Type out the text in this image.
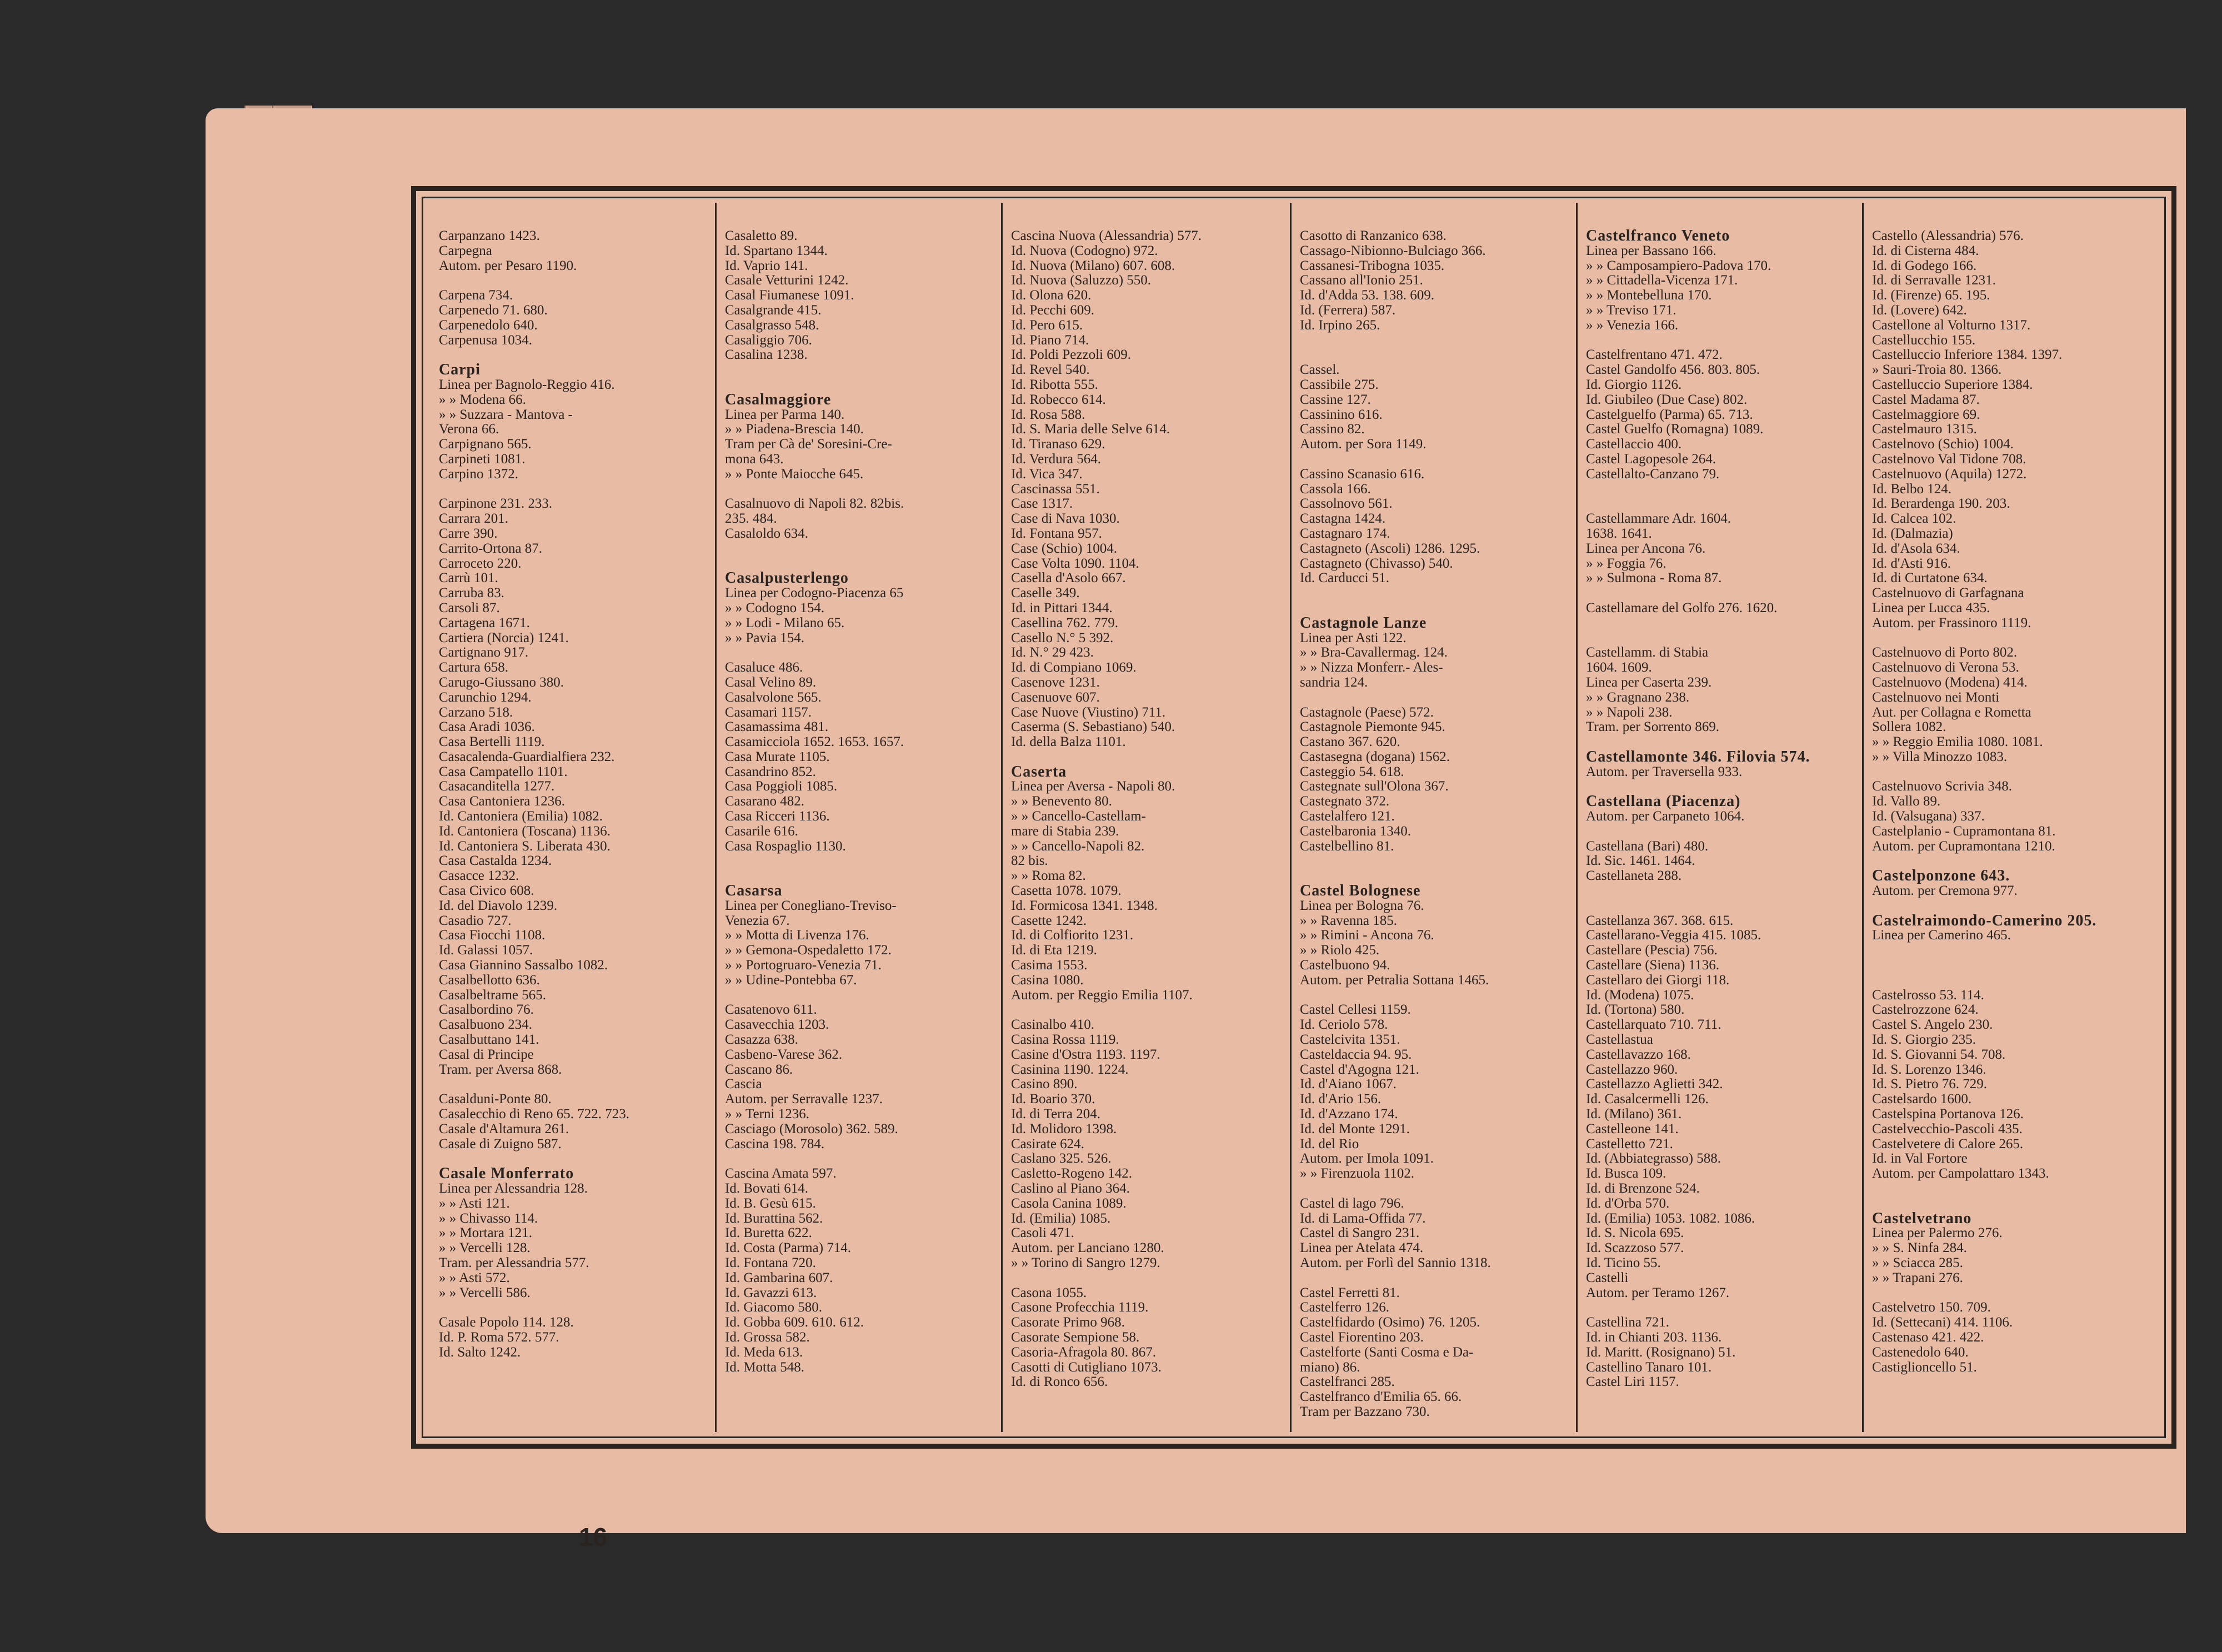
16
Carpanzano 1423.
Carpegna
Autom. per Pesaro 1190.
Carpena 734.
Carpenedo 71. 680.
Carpenedolo 640.
Carpenusa 1034.
Carpi
Linea per Bagnolo-Reggio 416.
» » Modena 66.
» » Suzzara - Mantova -
Verona 66.
Carpignano 565.
Carpineti 1081.
Carpino 1372.
Carpinone 231. 233.
Carrara 201.
Carre 390.
Carrito-Ortona 87.
Carroceto 220.
Carrù 101.
Carruba 83.
Carsoli 87.
Cartagena 1671.
Cartiera (Norcia) 1241.
Cartignano 917.
Cartura 658.
Carugo-Giussano 380.
Carunchio 1294.
Carzano 518.
Casa Aradi 1036.
Casa Bertelli 1119.
Casacalenda-Guardialfiera 232.
Casa Campatello 1101.
Casacanditella 1277.
Casa Cantoniera 1236.
Id. Cantoniera (Emilia) 1082.
Id. Cantoniera (Toscana) 1136.
Id. Cantoniera S. Liberata 430.
Casa Castalda 1234.
Casacce 1232.
Casa Civico 608.
Id. del Diavolo 1239.
Casadio 727.
Casa Fiocchi 1108.
Id. Galassi 1057.
Casa Giannino Sassalbo 1082.
Casalbellotto 636.
Casalbeltrame 565.
Casalbordino 76.
Casalbuono 234.
Casalbuttano 141.
Casal di Principe
Tram. per Aversa 868.
Casalduni-Ponte 80.
Casalecchio di Reno 65. 722. 723.
Casale d'Altamura 261.
Casale di Zuigno 587.
Casale Monferrato
Linea per Alessandria 128.
» » Asti 121.
» » Chivasso 114.
» » Mortara 121.
» » Vercelli 128.
Tram. per Alessandria 577.
» » Asti 572.
» » Vercelli 586.
Casale Popolo 114. 128.
Id. P. Roma 572. 577.
Id. Salto 1242.
Casaletto 89.
Id. Spartano 1344.
Id. Vaprio 141.
Casale Vetturini 1242.
Casal Fiumanese 1091.
Casalgrande 415.
Casalgrasso 548.
Casaliggio 706.
Casalina 1238.
Casalmaggiore
Linea per Parma 140.
» » Piadena-Brescia 140.
Tram per Cà de' Soresini-Cre-
mona 643.
» » Ponte Maiocche 645.
Casalnuovo di Napoli 82. 82bis.
235. 484.
Casaloldo 634.
Casalpusterlengo
Linea per Codogno-Piacenza 65
» » Codogno 154.
» » Lodi - Milano 65.
» » Pavia 154.
Casaluce 486.
Casal Velino 89.
Casalvolone 565.
Casamari 1157.
Casamassima 481.
Casamicciola 1652. 1653. 1657.
Casa Murate 1105.
Casandrino 852.
Casa Poggioli 1085.
Casarano 482.
Casa Ricceri 1136.
Casarile 616.
Casa Rospaglio 1130.
Casarsa
Linea per Conegliano-Treviso-
Venezia 67.
» » Motta di Livenza 176.
» » Gemona-Ospedaletto 172.
» » Portogruaro-Venezia 71.
» » Udine-Pontebba 67.
Casatenovo 611.
Casavecchia 1203.
Casazza 638.
Casbeno-Varese 362.
Cascano 86.
Cascia
Autom. per Serravalle 1237.
» » Terni 1236.
Casciago (Morosolo) 362. 589.
Cascina 198. 784.
Cascina Amata 597.
Id. Bovati 614.
Id. B. Gesù 615.
Id. Burattina 562.
Id. Buretta 622.
Id. Costa (Parma) 714.
Id. Fontana 720.
Id. Gambarina 607.
Id. Gavazzi 613.
Id. Giacomo 580.
Id. Gobba 609. 610. 612.
Id. Grossa 582.
Id. Meda 613.
Id. Motta 548.
Cascina Nuova (Alessandria) 577.
Id. Nuova (Codogno) 972.
Id. Nuova (Milano) 607. 608.
Id. Nuova (Saluzzo) 550.
Id. Olona 620.
Id. Pecchi 609.
Id. Pero 615.
Id. Piano 714.
Id. Poldi Pezzoli 609.
Id. Revel 540.
Id. Ribotta 555.
Id. Robecco 614.
Id. Rosa 588.
Id. S. Maria delle Selve 614.
Id. Tiranaso 629.
Id. Verdura 564.
Id. Vica 347.
Cascinassa 551.
Case 1317.
Case di Nava 1030.
Id. Fontana 957.
Case (Schio) 1004.
Case Volta 1090. 1104.
Casella d'Asolo 667.
Caselle 349.
Id. in Pittari 1344.
Casellina 762. 779.
Casello N.° 5 392.
Id. N.° 29 423.
Id. di Compiano 1069.
Casenove 1231.
Casenuove 607.
Case Nuove (Viustino) 711.
Caserma (S. Sebastiano) 540.
Id. della Balza 1101.
Caserta
Linea per Aversa - Napoli 80.
» » Benevento 80.
» » Cancello-Castellam-
mare di Stabia 239.
» » Cancello-Napoli 82.
82 bis.
» » Roma 82.
Casetta 1078. 1079.
Id. Formicosa 1341. 1348.
Casette 1242.
Id. di Colfiorito 1231.
Id. di Eta 1219.
Casima 1553.
Casina 1080.
Autom. per Reggio Emilia 1107.
Casinalbo 410.
Casina Rossa 1119.
Casine d'Ostra 1193. 1197.
Casinina 1190. 1224.
Casino 890.
Id. Boario 370.
Id. di Terra 204.
Id. Molidoro 1398.
Casirate 624.
Caslano 325. 526.
Casletto-Rogeno 142.
Caslino al Piano 364.
Casola Canina 1089.
Id. (Emilia) 1085.
Casoli 471.
Autom. per Lanciano 1280.
» » Torino di Sangro 1279.
Casona 1055.
Casone Profecchia 1119.
Casorate Primo 968.
Casorate Sempione 58.
Casoria-Afragola 80. 867.
Casotti di Cutigliano 1073.
Id. di Ronco 656.
Casotto di Ranzanico 638.
Cassago-Nibionno-Bulciago 366.
Cassanesi-Tribogna 1035.
Cassano all'Ionio 251.
Id. d'Adda 53. 138. 609.
Id. (Ferrera) 587.
Id. Irpino 265.
Cassel.
Cassibile 275.
Cassine 127.
Cassinino 616.
Cassino 82.
Autom. per Sora 1149.
Cassino Scanasio 616.
Cassola 166.
Cassolnovo 561.
Castagna 1424.
Castagnaro 174.
Castagneto (Ascoli) 1286. 1295.
Castagneto (Chivasso) 540.
Id. Carducci 51.
Castagnole Lanze
Linea per Asti 122.
» » Bra-Cavallermag. 124.
» » Nizza Monferr.- Ales-
sandria 124.
Castagnole (Paese) 572.
Castagnole Piemonte 945.
Castano 367. 620.
Castasegna (dogana) 1562.
Casteggio 54. 618.
Castegnate sull'Olona 367.
Castegnato 372.
Castelalfero 121.
Castelbaronia 1340.
Castelbellino 81.
Castel Bolognese
Linea per Bologna 76.
» » Ravenna 185.
» » Rimini - Ancona 76.
» » Riolo 425.
Castelbuono 94.
Autom. per Petralia Sottana 1465.
Castel Cellesi 1159.
Id. Ceriolo 578.
Castelcivita 1351.
Casteldaccia 94. 95.
Castel d'Agogna 121.
Id. d'Aiano 1067.
Id. d'Ario 156.
Id. d'Azzano 174.
Id. del Monte 1291.
Id. del Rio
Autom. per Imola 1091.
» » Firenzuola 1102.
Castel di lago 796.
Id. di Lama-Offida 77.
Castel di Sangro 231.
Linea per Atelata 474.
Autom. per Forlì del Sannio 1318.
Castel Ferretti 81.
Castelferro 126.
Castelfidardo (Osimo) 76. 1205.
Castel Fiorentino 203.
Castelforte (Santi Cosma e Da-
miano) 86.
Castelfranci 285.
Castelfranco d'Emilia 65. 66.
Tram per Bazzano 730.
Castelfranco Veneto
Linea per Bassano 166.
» » Camposampiero-Padova 170.
» » Cittadella-Vicenza 171.
» » Montebelluna 170.
» » Treviso 171.
» » Venezia 166.
Castelfrentano 471. 472.
Castel Gandolfo 456. 803. 805.
Id. Giorgio 1126.
Id. Giubileo (Due Case) 802.
Castelguelfo (Parma) 65. 713.
Castel Guelfo (Romagna) 1089.
Castellaccio 400.
Castel Lagopesole 264.
Castellalto-Canzano 79.
Castellammare Adr. 1604.
1638. 1641.
Linea per Ancona 76.
» » Foggia 76.
» » Sulmona - Roma 87.
Castellamare del Golfo 276. 1620.
Castellamm. di Stabia
1604. 1609.
Linea per Caserta 239.
» » Gragnano 238.
» » Napoli 238.
Tram. per Sorrento 869.
Castellamonte 346. Filovia 574.
Autom. per Traversella 933.
Castellana (Piacenza)
Autom. per Carpaneto 1064.
Castellana (Bari) 480.
Id. Sic. 1461. 1464.
Castellaneta 288.
Castellanza 367. 368. 615.
Castellarano-Veggia 415. 1085.
Castellare (Pescia) 756.
Castellare (Siena) 1136.
Castellaro dei Giorgi 118.
Id. (Modena) 1075.
Id. (Tortona) 580.
Castellarquato 710. 711.
Castellastua
Castellavazzo 168.
Castellazzo 960.
Castellazzo Aglietti 342.
Id. Casalcermelli 126.
Id. (Milano) 361.
Castelleone 141.
Castelletto 721.
Id. (Abbiategrasso) 588.
Id. Busca 109.
Id. di Brenzone 524.
Id. d'Orba 570.
Id. (Emilia) 1053. 1082. 1086.
Id. S. Nicola 695.
Id. Scazzoso 577.
Id. Ticino 55.
Castelli
Autom. per Teramo 1267.
Castellina 721.
Id. in Chianti 203. 1136.
Id. Maritt. (Rosignano) 51.
Castellino Tanaro 101.
Castel Liri 1157.
Castello (Alessandria) 576.
Id. di Cisterna 484.
Id. di Godego 166.
Id. di Serravalle 1231.
Id. (Firenze) 65. 195.
Id. (Lovere) 642.
Castellone al Volturno 1317.
Castellucchio 155.
Castelluccio Inferiore 1384. 1397.
» Sauri-Troia 80. 1366.
Castelluccio Superiore 1384.
Castel Madama 87.
Castelmaggiore 69.
Castelmauro 1315.
Castelnovo (Schio) 1004.
Castelnovo Val Tidone 708.
Castelnuovo (Aquila) 1272.
Id. Belbo 124.
Id. Berardenga 190. 203.
Id. Calcea 102.
Id. (Dalmazia)
Id. d'Asola 634.
Id. d'Asti 916.
Id. di Curtatone 634.
Castelnuovo di Garfagnana
Linea per Lucca 435.
Autom. per Frassinoro 1119.
Castelnuovo di Porto 802.
Castelnuovo di Verona 53.
Castelnuovo (Modena) 414.
Castelnuovo nei Monti
Aut. per Collagna e Rometta
Sollera 1082.
» » Reggio Emilia 1080. 1081.
» » Villa Minozzo 1083.
Castelnuovo Scrivia 348.
Id. Vallo 89.
Id. (Valsugana) 337.
Castelplanio - Cupramontana 81.
Autom. per Cupramontana 1210.
Castelponzone 643.
Autom. per Cremona 977.
Castelraimondo-Camerino 205.
Linea per Camerino 465.
Castelrosso 53. 114.
Castelrozzone 624.
Castel S. Angelo 230.
Id. S. Giorgio 235.
Id. S. Giovanni 54. 708.
Id. S. Lorenzo 1346.
Id. S. Pietro 76. 729.
Castelsardo 1600.
Castelspina Portanova 126.
Castelvecchio-Pascoli 435.
Castelvetere di Calore 265.
Id. in Val Fortore
Autom. per Campolattaro 1343.
Castelvetrano
Linea per Palermo 276.
» » S. Ninfa 284.
» » Sciacca 285.
» » Trapani 276.
Castelvetro 150. 709.
Id. (Settecani) 414. 1106.
Castenaso 421. 422.
Castenedolo 640.
Castiglioncello 51.
